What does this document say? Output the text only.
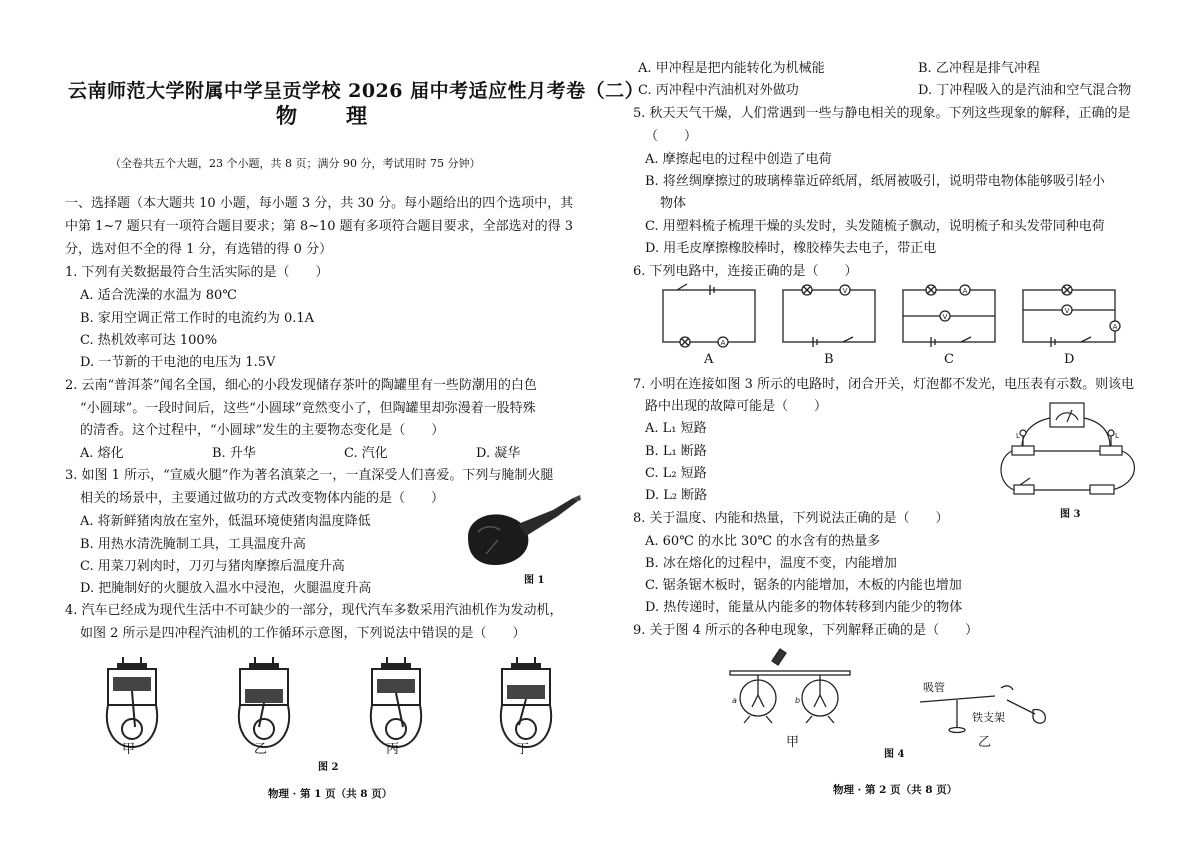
云南师范大学附属中学呈贡学校 2026 届中考适应性月考卷（二）
物　理
（全卷共五个大题，23 个小题，共 8 页；满分 90 分，考试用时 75 分钟）
一、选择题（本大题共 10 小题，每小题 3 分，共 30 分。每小题给出的四个选项中，其
中第 1~7 题只有一项符合题目要求；第 8~10 题有多项符合题目要求，全部选对的得 3
分，选对但不全的得 1 分，有选错的得 0 分）
1. 下列有关数据最符合生活实际的是（　　）
A. 适合洗澡的水温为 80℃
B. 家用空调正常工作时的电流约为 0.1A
C. 热机效率可达 100%
D. 一节新的干电池的电压为 1.5V
2. 云南“普洱茶”闻名全国，细心的小段发现储存茶叶的陶罐里有一些防潮用的白色
“小圆球”。一段时间后，这些“小圆球”竟然变小了，但陶罐里却弥漫着一股特殊
的清香。这个过程中，“小圆球”发生的主要物态变化是（　　）
A. 熔化	B. 升华	C. 汽化	D. 凝华
3. 如图 1 所示，“宣威火腿”作为著名滇菜之一，一直深受人们喜爱。下列与腌制火腿
相关的场景中，主要通过做功的方式改变物体内能的是（　　）
A. 将新鲜猪肉放在室外，低温环境使猪肉温度降低
B. 用热水清洗腌制工具，工具温度升高
C. 用菜刀剁肉时，刀刃与猪肉摩擦后温度升高
D. 把腌制好的火腿放入温水中浸泡，火腿温度升高
图 1
4. 汽车已经成为现代生活中不可缺少的一部分，现代汽车多数采用汽油机作为发动机，
如图 2 所示是四冲程汽油机的工作循环示意图，下列说法中错误的是（　　）
甲	乙	丙	丁
图 2
物理 · 第 1 页（共 8 页）
A. 甲冲程是把内能转化为机械能	B. 乙冲程是排气冲程
C. 丙冲程中汽油机对外做功	D. 丁冲程吸入的是汽油和空气混合物
5. 秋天天气干燥，人们常遇到一些与静电相关的现象。下列这些现象的解释，正确的是
（　　）
A. 摩擦起电的过程中创造了电荷
B. 将丝绸摩擦过的玻璃棒靠近碎纸屑，纸屑被吸引，说明带电物体能够吸引轻小
物体
C. 用塑料梳子梳理干燥的头发时，头发随梳子飘动，说明梳子和头发带同种电荷
D. 用毛皮摩擦橡胶棒时，橡胶棒失去电子，带正电
6. 下列电路中，连接正确的是（　　）
A
V	A
V
V
A
A	B	C	D
7. 小明在连接如图 3 所示的电路时，闭合开关，灯泡都不发光，电压表有示数。则该电
路中出现的故障可能是（　　）
A. L₁ 短路
B. L₁ 断路
C. L₂ 短路
D. L₂ 断路
L	L
图 3
8. 关于温度、内能和热量，下列说法正确的是（　　）
A. 60℃ 的水比 30℃ 的水含有的热量多
B. 冰在熔化的过程中，温度不变，内能增加
C. 锯条锯木板时，锯条的内能增加，木板的内能也增加
D. 热传递时，能量从内能多的物体转移到内能少的物体
9. 关于图 4 所示的各种电现象，下列解释正确的是（　　）
a	b
甲
吸管
铁支架
乙
图 4
物理 · 第 2 页（共 8 页）
